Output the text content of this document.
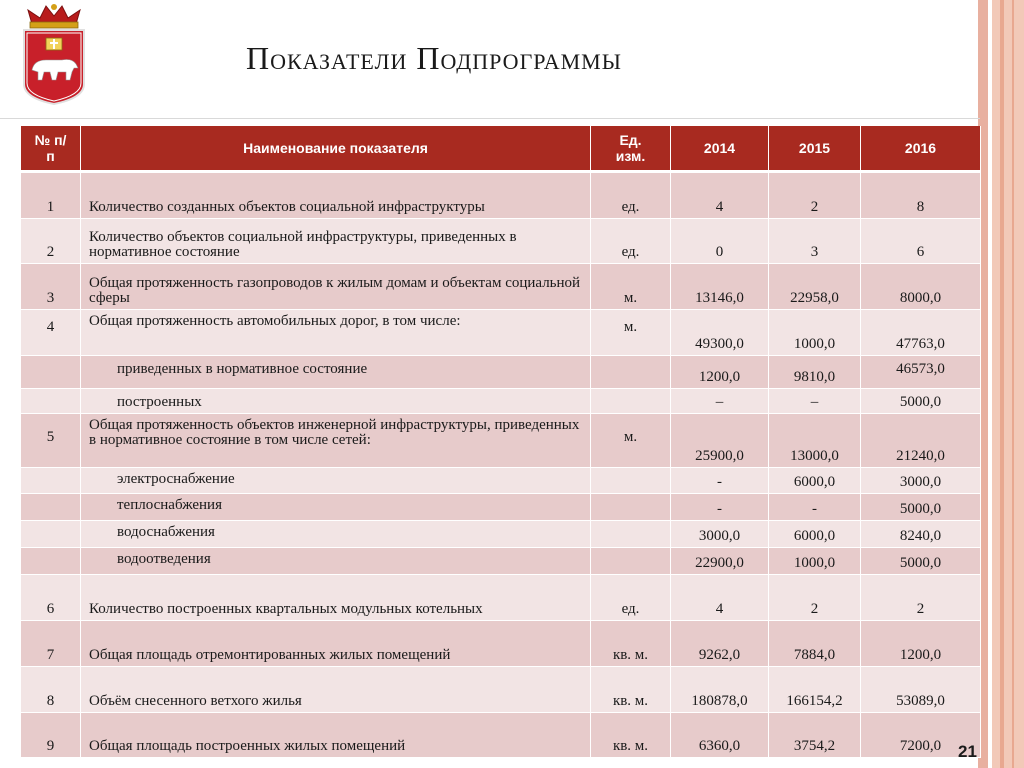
Показатели Подпрограммы
№ п/п	Наименование показателя	Ед. изм.	2014	2015	2016
1	Количество созданных объектов социальной инфраструктуры	ед.	4	2	8
2	Количество объектов социальной инфраструктуры, приведенных в нормативное состояние	ед.	0	3	6
3	Общая протяженность газопроводов к жилым домам и объектам социальной сферы	м.	13146,0	22958,0	8000,0
4	Общая протяженность автомобильных дорог, в том числе:	м.	49300,0	1000,0	47763,0
	приведенных в нормативное состояние		1200,0	9810,0	46573,0
	построенных		–	–	5000,0
5	Общая протяженность объектов инженерной инфраструктуры, приведенных в нормативное состояние в том числе сетей:	м.	25900,0	13000,0	21240,0
	электроснабжение		-	6000,0	3000,0
	теплоснабжения		-	-	5000,0
	водоснабжения		3000,0	6000,0	8240,0
	водоотведения		22900,0	1000,0	5000,0
6	Количество построенных квартальных модульных котельных	ед.	4	2	2
7	Общая площадь отремонтированных жилых помещений	кв. м.	9262,0	7884,0	1200,0
8	Объём снесенного ветхого жилья	кв. м.	180878,0	166154,2	53089,0
9	Общая площадь построенных жилых помещений	кв. м.	6360,0	3754,2	7200,0 21
